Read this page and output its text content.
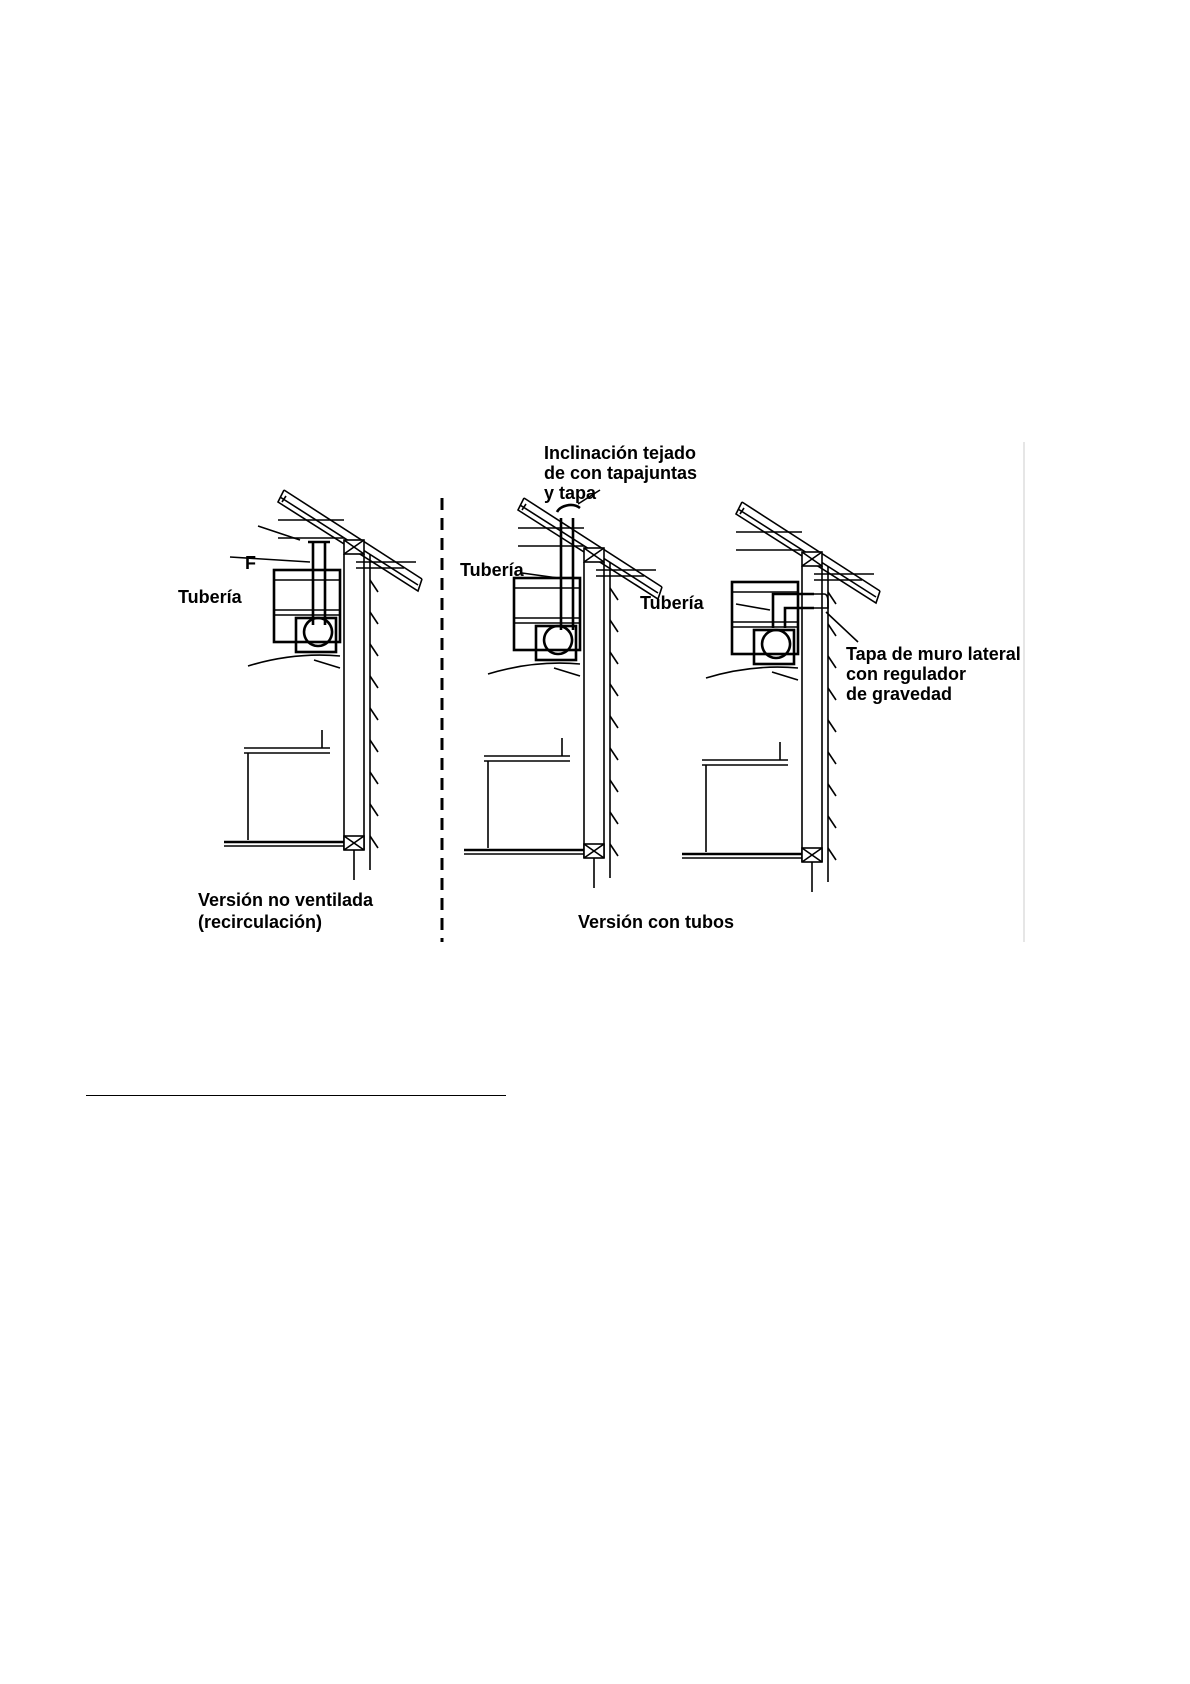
F
Tubería
Versión no ventilada
(recirculación)
Inclinación tejado
de con tapajuntas
y tapa
Tubería
Tubería
Tapa de muro lateral
con regulador
de gravedad
Versión con tubos
